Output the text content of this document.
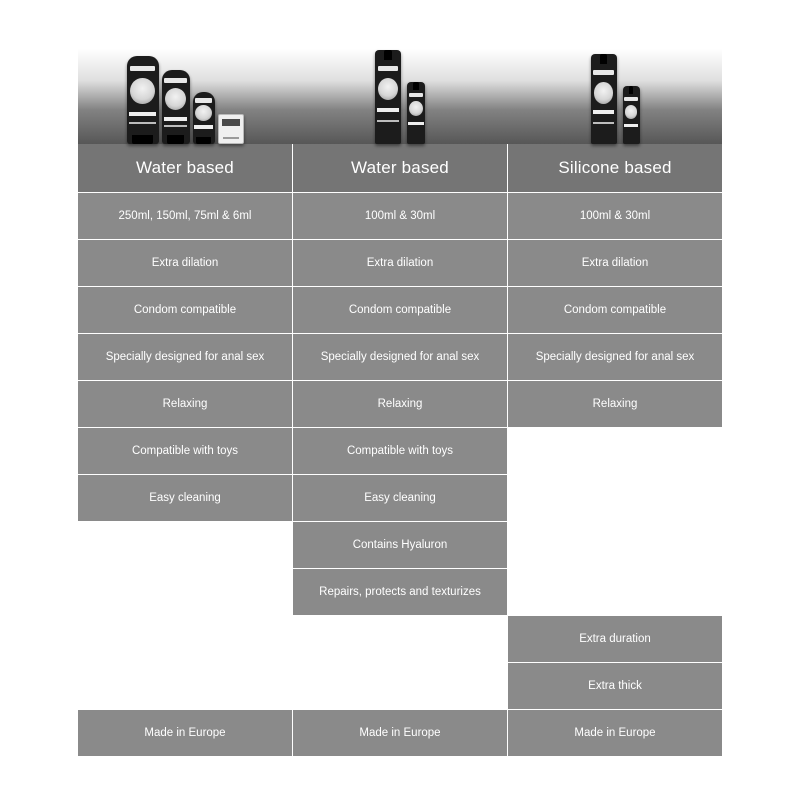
Water based
250ml, 150ml, 75ml & 6ml
Extra dilation
Condom compatible
Specially designed for anal sex
Relaxing
Compatible with toys
Easy cleaning
Made in Europe
Water based
100ml & 30ml
Extra dilation
Condom compatible
Specially designed for anal sex
Relaxing
Compatible with toys
Easy cleaning
Contains Hyaluron
Repairs, protects and texturizes
Made in Europe
Silicone based
100ml & 30ml
Extra dilation
Condom compatible
Specially designed for anal sex
Relaxing
Extra duration
Extra thick
Made in Europe
